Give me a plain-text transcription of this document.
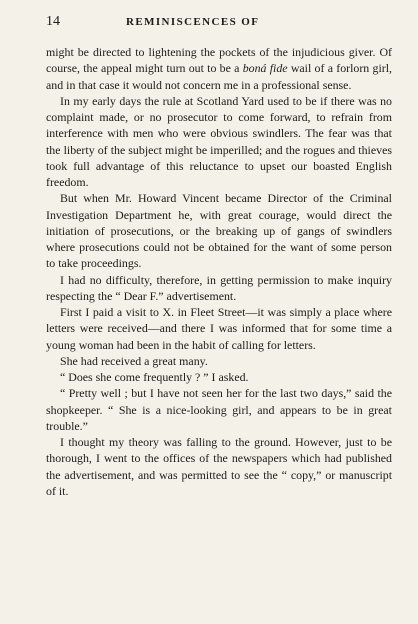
14	REMINISCENCES OF

might be directed to lightening the pockets of the injudicious giver. Of course, the appeal might turn out to be a boná fide wail of a forlorn girl, and in that case it would not concern me in a professional sense.

In my early days the rule at Scotland Yard used to be if there was no complaint made, or no prosecutor to come forward, to refrain from interference with men who were obvious swindlers. The fear was that the liberty of the subject might be imperilled; and the rogues and thieves took full advantage of this reluctance to upset our boasted English freedom.

But when Mr. Howard Vincent became Director of the Criminal Investigation Department he, with great courage, would direct the initiation of prosecutions, or the breaking up of gangs of swindlers where prosecutions could not be obtained for the want of some person to take proceedings.

I had no difficulty, therefore, in getting permission to make inquiry respecting the “ Dear F.” advertisement.

First I paid a visit to X. in Fleet Street—it was simply a place where letters were received—and there I was informed that for some time a young woman had been in the habit of calling for letters.

She had received a great many.

“ Does she come frequently ? ” I asked.

“ Pretty well ; but I have not seen her for the last two days,” said the shopkeeper. “ She is a nice-looking girl, and appears to be in great trouble.”

I thought my theory was falling to the ground. However, just to be thorough, I went to the offices of the newspapers which had published the advertisement, and was permitted to see the “ copy,” or manuscript of it.
